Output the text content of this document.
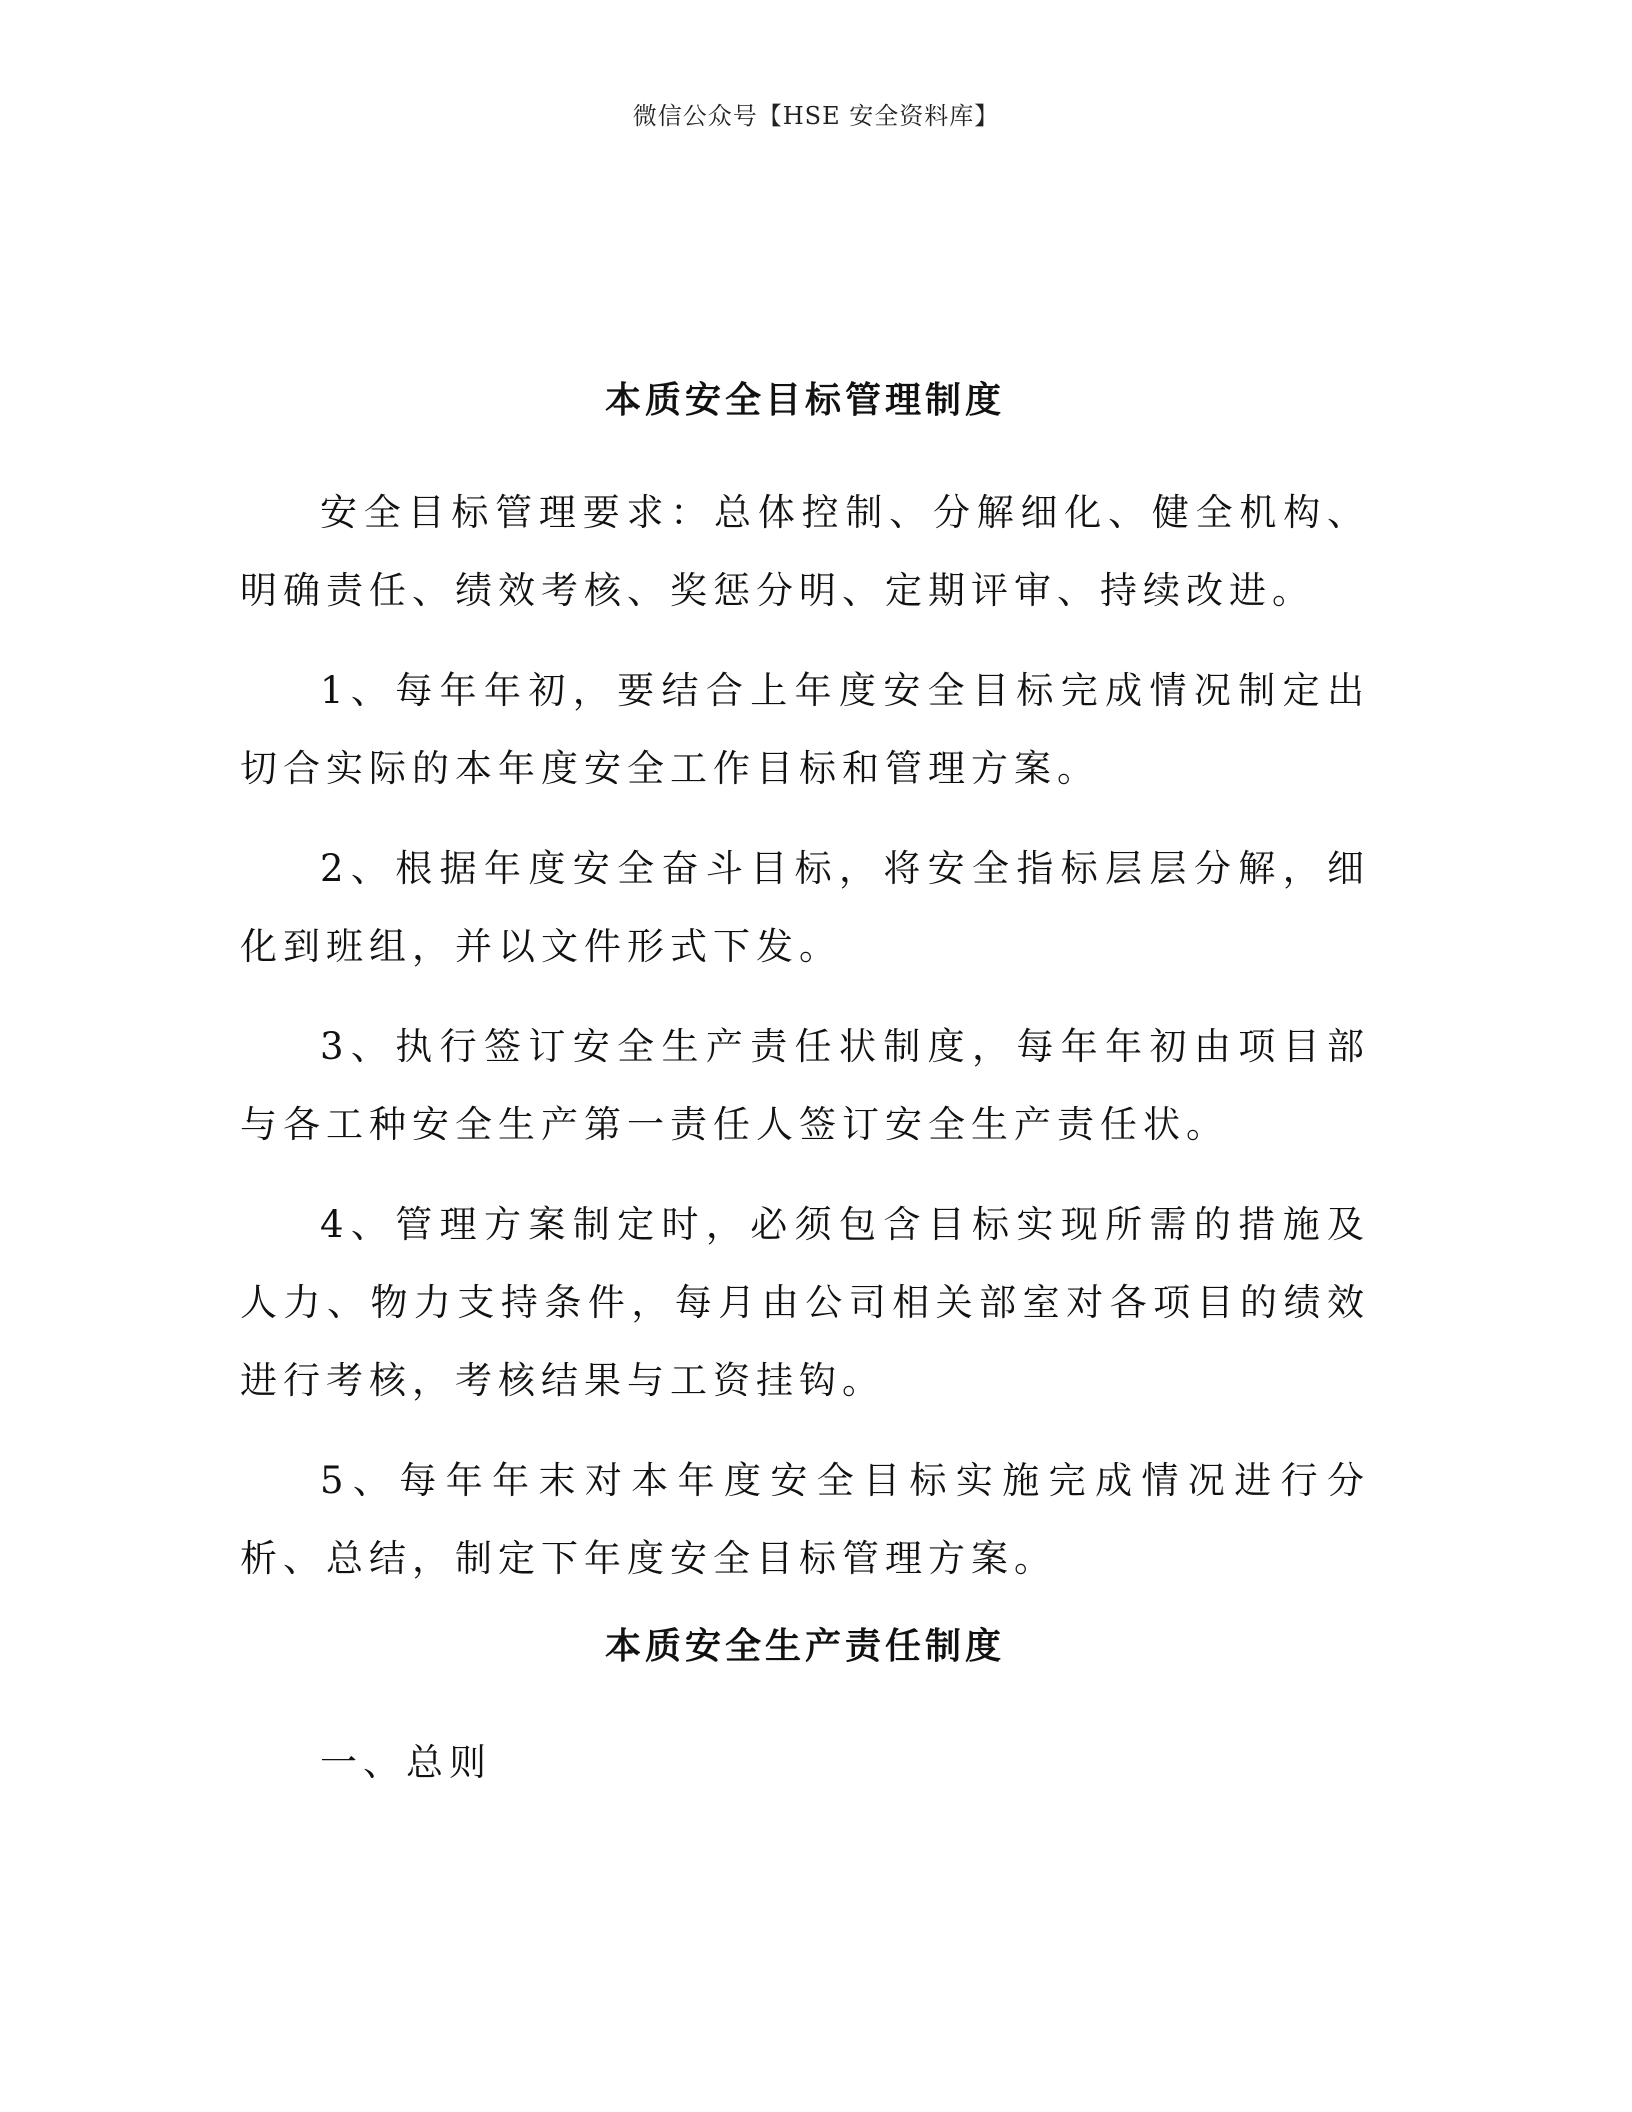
微信公众号【HSE 安全资料库】
本质安全目标管理制度

安全目标管理要求：总体控制、分解细化、健全机构、明确责任、绩效考核、奖惩分明、定期评审、持续改进。

1、每年年初，要结合上年度安全目标完成情况制定出切合实际的本年度安全工作目标和管理方案。

2、根据年度安全奋斗目标，将安全指标层层分解，细化到班组，并以文件形式下发。

3、执行签订安全生产责任状制度，每年年初由项目部与各工种安全生产第一责任人签订安全生产责任状。

4、管理方案制定时，必须包含目标实现所需的措施及人力、物力支持条件，每月由公司相关部室对各项目的绩效进行考核，考核结果与工资挂钩。

5、每年年末对本年度安全目标实施完成情况进行分析、总结，制定下年度安全目标管理方案。

本质安全生产责任制度

一、总则
